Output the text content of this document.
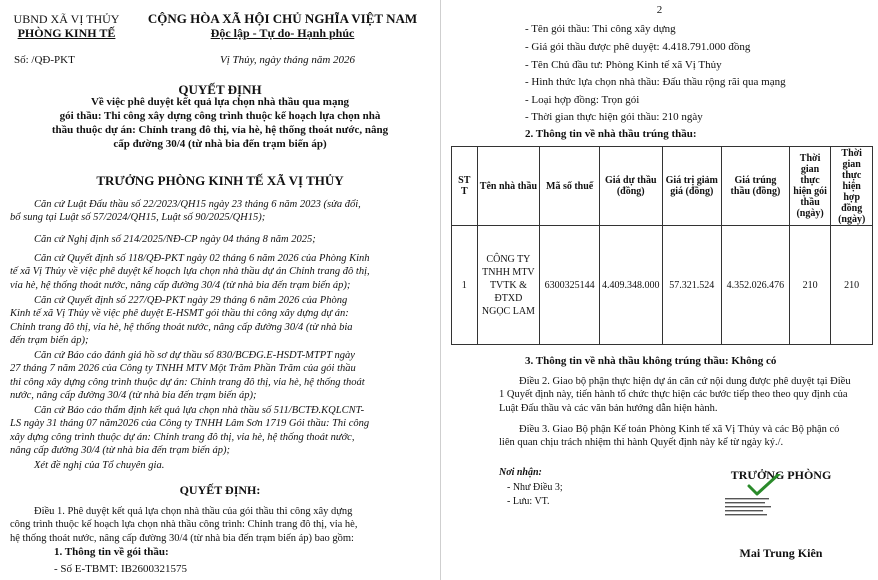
UBND XÃ VỊ THỦY
PHÒNG KINH TẾ
CỘNG HÒA XÃ HỘI CHỦ NGHĨA VIỆT NAM
Độc lập - Tự do- Hạnh phúc
Số: /QĐ-PKT	Vị Thủy, ngày tháng năm 2026
QUYẾT ĐỊNH
Về việc phê duyệt kết quả lựa chọn nhà thầu qua mạng
gói thầu: Thi công xây dựng công trình thuộc kế hoạch lựa chọn nhà
thầu thuộc dự án: Chỉnh trang đô thị, vỉa hè, hệ thống thoát nước, nâng
cấp đường 30/4 (từ nhà bia đến trạm biến áp)
TRƯỞNG PHÒNG KINH TẾ XÃ VỊ THỦY
Căn cứ Luật Đấu thầu số 22/2023/QH15 ngày 23 tháng 6 năm 2023 (sửa đổi,
bổ sung tại Luật số 57/2024/QH15, Luật số 90/2025/QH15);
Căn cứ Nghị định số 214/2025/NĐ-CP ngày 04 tháng 8 năm 2025;
Căn cứ Quyết định số 118/QĐ-PKT ngày 02 tháng 6 năm 2026 của Phòng Kinh
tế xã Vị Thủy về việc phê duyệt kế hoạch lựa chọn nhà thầu dự án Chỉnh trang đô thị,
vỉa hè, hệ thống thoát nước, nâng cấp đường 30/4 (từ nhà bia đến trạm biến áp);
Căn cứ Quyết định số 227/QĐ-PKT ngày 29 tháng 6 năm 2026 của Phòng
Kinh tế xã Vị Thủy về việc phê duyệt E-HSMT gói thầu thi công xây dựng dự án:
Chỉnh trang đô thị, vỉa hè, hệ thống thoát nước, nâng cấp đường 30/4 (từ nhà bia
đến trạm biến áp);
Căn cứ Báo cáo đánh giá hồ sơ dự thầu số 830/BCĐG.E-HSDT-MTPT ngày
27 tháng 7 năm 2026 của Công ty TNHH MTV Một Trăm Phần Trăm của gói thầu
thi công xây dựng công trình thuộc dự án: Chỉnh trang đô thị, vỉa hè, hệ thống thoát
nước, nâng cấp đường 30/4 (từ nhà bia đến trạm biến áp);
Căn cứ Báo cáo thẩm định kết quả lựa chọn nhà thầu số 511/BCTĐ.KQLCNT-
LS ngày 31 tháng 07 năm2026 của Công ty TNHH Lâm Sơn 1719 Gói thầu: Thi công
xây dựng công trình thuộc dự án: Chỉnh trang đô thị, vỉa hè, hệ thống thoát nước,
nâng cấp đường 30/4 (từ nhà bia đến trạm biến áp);
Xét đề nghị của Tổ chuyên gia.
QUYẾT ĐỊNH:
Điều 1. Phê duyệt kết quả lựa chọn nhà thầu của gói thầu thi công xây dựng
công trình thuộc kế hoạch lựa chọn nhà thầu công trình: Chỉnh trang đô thị, vỉa hè,
hệ thống thoát nước, nâng cấp đường 30/4 (từ nhà bia đến trạm biến áp) bao gồm:
1. Thông tin về gói thầu:
- Số E-TBMT: IB2600321575
2
- Tên gói thầu: Thi công xây dựng
- Giá gói thầu được phê duyệt: 4.418.791.000 đồng
- Tên Chủ đầu tư: Phòng Kinh tế xã Vị Thủy
- Hình thức lựa chọn nhà thầu: Đấu thầu rộng rãi qua mạng
- Loại hợp đồng: Trọn gói
- Thời gian thực hiện gói thầu: 210 ngày
2. Thông tin về nhà thầu trúng thầu:
ST T	Tên nhà thầu	Mã số thuế	Giá dự thầu (đồng)	Giá trị giảm giá (đồng)	Giá trúng thầu (đồng)	Thời gian thực hiện gói thầu (ngày)	Thời gian thực hiện hợp đồng (ngày)
1	CÔNG TY TNHH MTV TVTK & ĐTXD NGỌC LAM	6300325144	4.409.348.000	57.321.524	4.352.026.476	210	210
3. Thông tin về nhà thầu không trúng thầu: Không có
Điều 2. Giao bộ phận thực hiện dự án căn cứ nội dung được phê duyệt tại Điều
1 Quyết định này, tiến hành tổ chức thực hiện các bước tiếp theo theo quy định của
Luật Đấu thầu và các văn bản hướng dẫn hiện hành.
Điều 3. Giao Bộ phận Kế toán Phòng Kinh tế xã Vị Thủy và các Bộ phận có
liên quan chịu trách nhiệm thi hành Quyết định này kể từ ngày ký./.
Nơi nhận:
- Như Điều 3;
- Lưu: VT.
TRƯỞNG PHÒNG
Mai Trung Kiên
